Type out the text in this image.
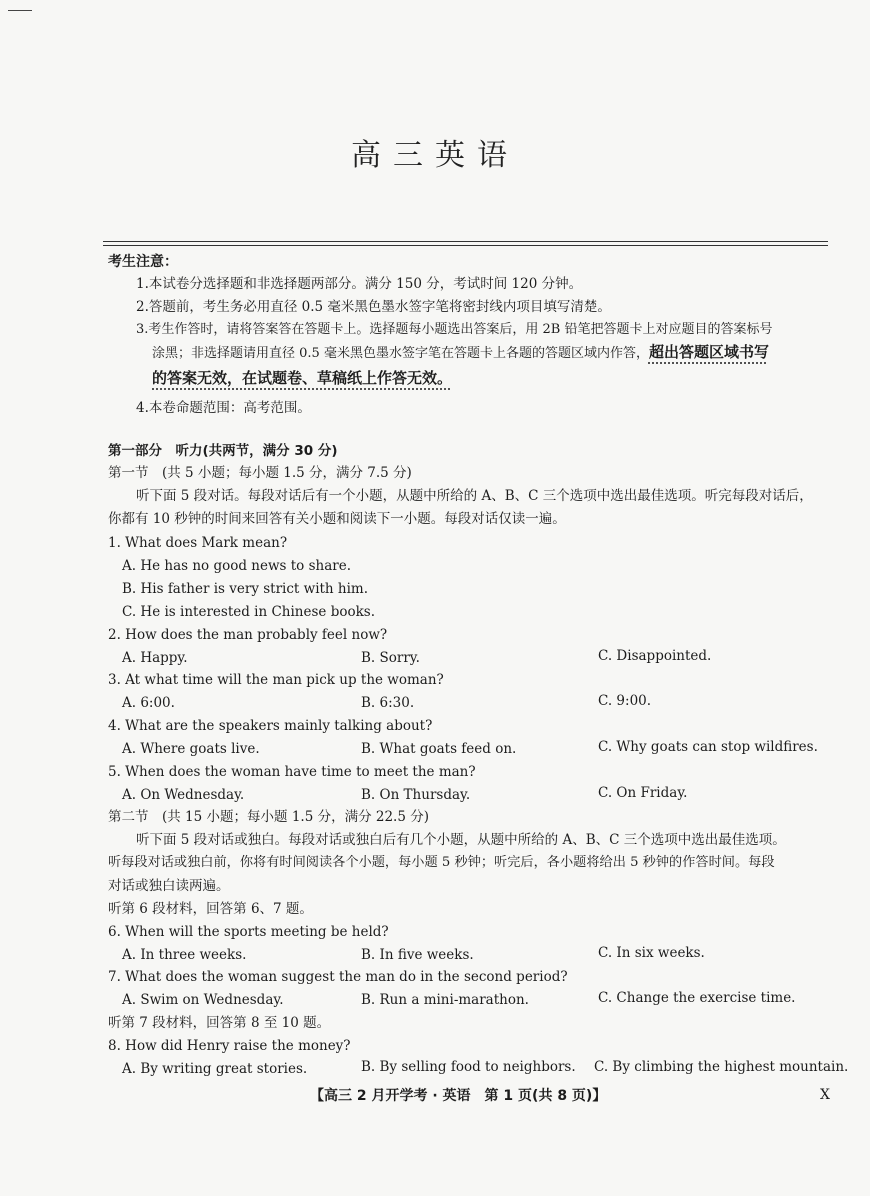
高三英语
考生注意：
1.本试卷分选择题和非选择题两部分。满分 150 分，考试时间 120 分钟。
2.答题前，考生务必用直径 0.5 毫米黑色墨水签字笔将密封线内项目填写清楚。
3.考生作答时，请将答案答在答题卡上。选择题每小题选出答案后，用 2B 铅笔把答题卡上对应题目的答案标号
涂黑；非选择题请用直径 0.5 毫米黑色墨水签字笔在答题卡上各题的答题区域内作答，超出答题区域书写
的答案无效，在试题卷、草稿纸上作答无效。
4.本卷命题范围：高考范围。
第一部分　听力(共两节，满分 30 分)
第一节　(共 5 小题；每小题 1.5 分，满分 7.5 分)
听下面 5 段对话。每段对话后有一个小题，从题中所给的 A、B、C 三个选项中选出最佳选项。听完每段对话后，
你都有 10 秒钟的时间来回答有关小题和阅读下一小题。每段对话仅读一遍。
1. What does Mark mean?
A. He has no good news to share.
B. His father is very strict with him.
C. He is interested in Chinese books.
2. How does the man probably feel now?
A. Happy.	B. Sorry.	C. Disappointed.
3. At what time will the man pick up the woman?
A. 6:00.	B. 6:30.	C. 9:00.
4. What are the speakers mainly talking about?
A. Where goats live.	B. What goats feed on.	C. Why goats can stop wildfires.
5. When does the woman have time to meet the man?
A. On Wednesday.	B. On Thursday.	C. On Friday.
第二节　(共 15 小题；每小题 1.5 分，满分 22.5 分)
听下面 5 段对话或独白。每段对话或独白后有几个小题，从题中所给的 A、B、C 三个选项中选出最佳选项。
听每段对话或独白前，你将有时间阅读各个小题，每小题 5 秒钟；听完后，各小题将给出 5 秒钟的作答时间。每段
对话或独白读两遍。
听第 6 段材料，回答第 6、7 题。
6. When will the sports meeting be held?
A. In three weeks.	B. In five weeks.	C. In six weeks.
7. What does the woman suggest the man do in the second period?
A. Swim on Wednesday.	B. Run a mini-marathon.	C. Change the exercise time.
听第 7 段材料，回答第 8 至 10 题。
8. How did Henry raise the money?
A. By writing great stories.	B. By selling food to neighbors. C. By climbing the highest mountain.
【高三 2 月开学考 · 英语　第 1 页(共 8 页)】	X
